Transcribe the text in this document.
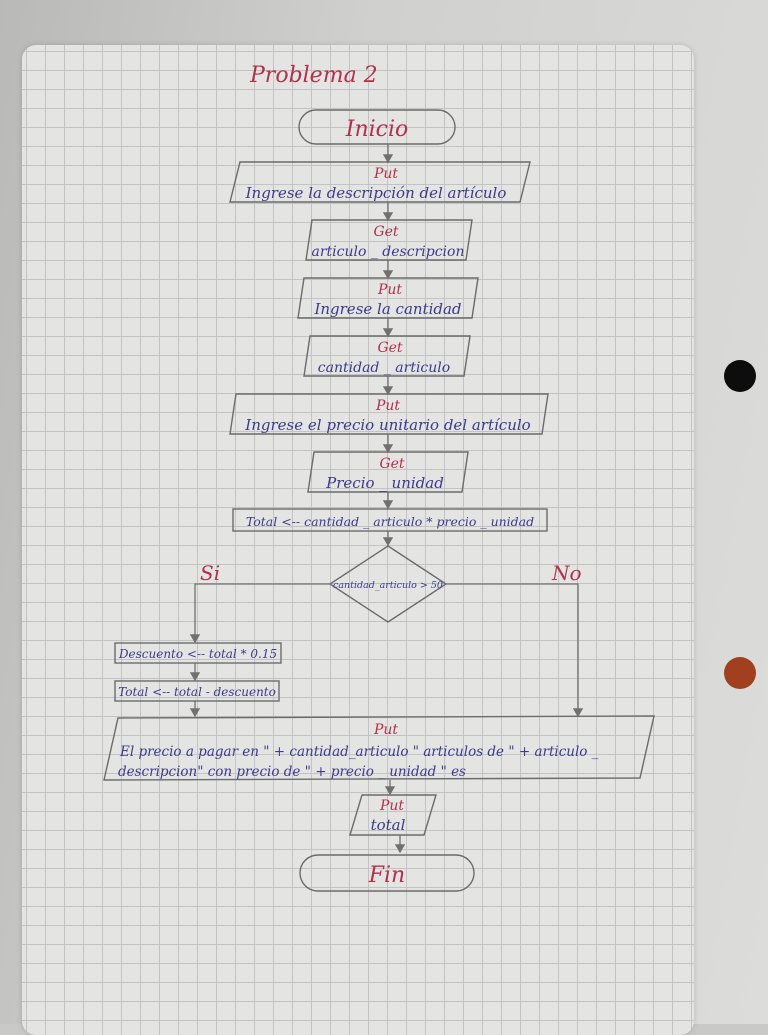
Problema 2
Inicio
Put
Ingrese la descripción del artículo
Get
articulo _ descripcion
Put
Ingrese la cantidad
Get
cantidad _ articulo
Put
Ingrese el precio unitario del artículo
Get
Precio _ unidad
Total <-- cantidad _ articulo * precio _ unidad
cantidad_articulo > 50
Si	No
Descuento <-- total * 0.15
Total <-- total - descuento
Put
El precio a pagar en " + cantidad_articulo " articulos de " + articulo _
descripcion" con precio de " + precio _ unidad " es
Put
total
Fin
